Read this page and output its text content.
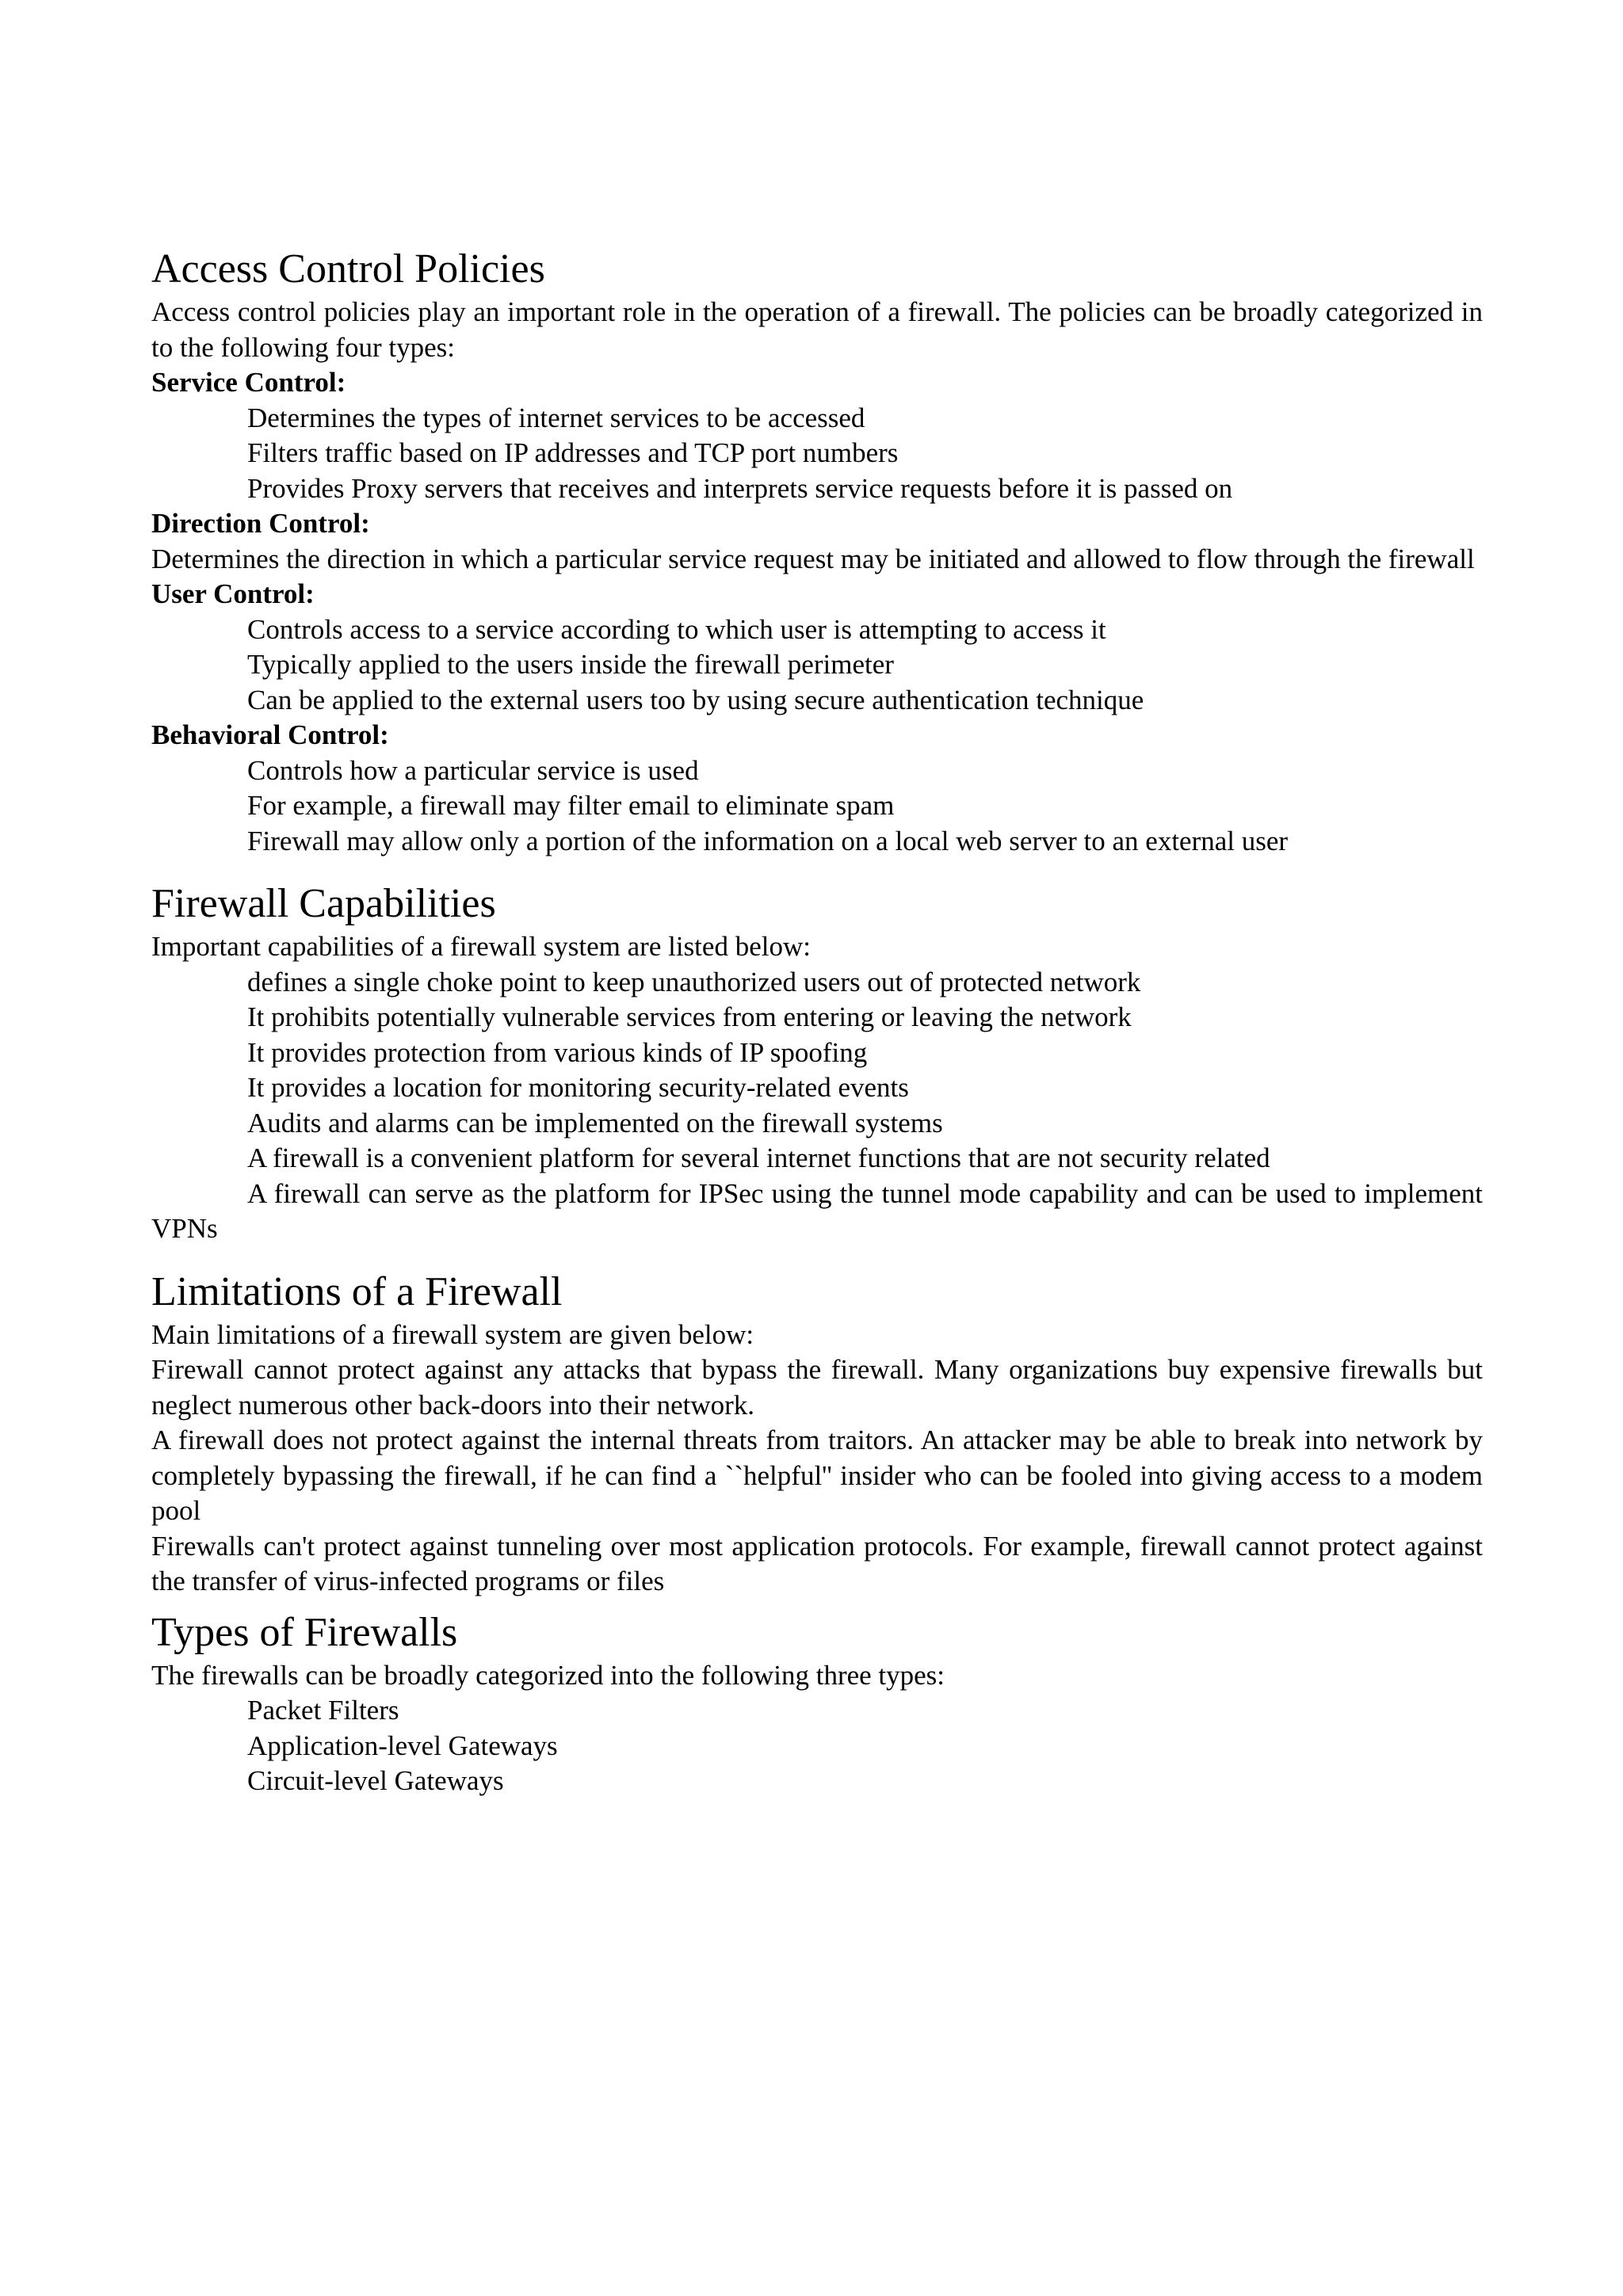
Access Control Policies

Access control policies play an important role in the operation of a firewall. The policies can be broadly categorized in to the following four types:

Service Control:

Determines the types of internet services to be accessed

Filters traffic based on IP addresses and TCP port numbers

Provides Proxy servers that receives and interprets service requests before it is passed on

Direction Control:

Determines the direction in which a particular service request may be initiated and allowed to flow through the firewall

User Control:

Controls access to a service according to which user is attempting to access it

Typically applied to the users inside the firewall perimeter

Can be applied to the external users too by using secure authentication technique

Behavioral Control:

Controls how a particular service is used

For example, a firewall may filter email to eliminate spam

Firewall may allow only a portion of the information on a local web server to an external user

Firewall Capabilities

Important capabilities of a firewall system are listed below:

defines a single choke point to keep unauthorized users out of protected network

It prohibits potentially vulnerable services from entering or leaving the network

It provides protection from various kinds of IP spoofing

It provides a location for monitoring security-related events

Audits and alarms can be implemented on the firewall systems

A firewall is a convenient platform for several internet functions that are not security related

A firewall can serve as the platform for IPSec using the tunnel mode capability and can be used to implement VPNs

Limitations of a Firewall

Main limitations of a firewall system are given below:

Firewall cannot protect against any attacks that bypass the firewall. Many organizations buy expensive firewalls but neglect numerous other back-doors into their network.

A firewall does not protect against the internal threats from traitors. An attacker may be able to break into network by completely bypassing the firewall, if he can find a ``helpful'' insider who can be fooled into giving access to a modem pool

Firewalls can't protect against tunneling over most application protocols. For example, firewall cannot protect against the transfer of virus-infected programs or files

Types of Firewalls

The firewalls can be broadly categorized into the following three types:

Packet Filters

Application-level Gateways

Circuit-level Gateways
